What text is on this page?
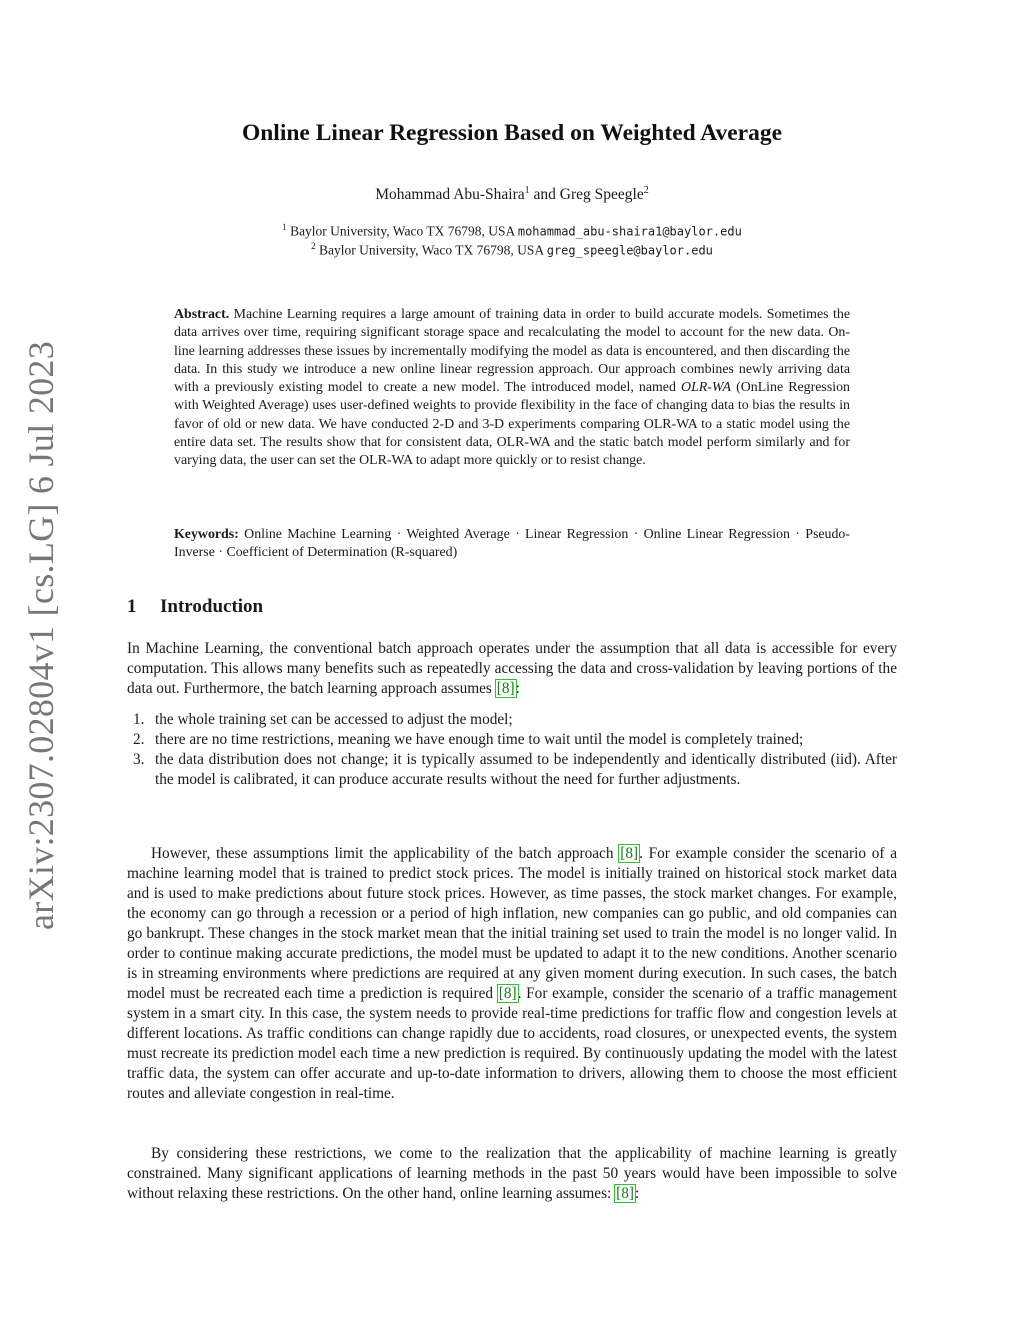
arXiv:2307.02804v1 [cs.LG] 6 Jul 2023
Online Linear Regression Based on Weighted Average
Mohammad Abu-Shaira$^1$ and Greg Speegle$^2$
$^1$ Baylor University, Waco TX 76798, USA mohammad_abu-shaira1@baylor.edu
$^2$ Baylor University, Waco TX 76798, USA greg_speegle@baylor.edu
Abstract. Machine Learning requires a large amount of training data in order to build accurate models. Sometimes the data arrives over time, requiring significant storage space and recalculating the model to account for the new data. On-line learning addresses these issues by incrementally modifying the model as data is encountered, and then discarding the data. In this study we introduce a new online linear regression approach. Our approach combines newly arriving data with a previously existing model to create a new model. The introduced model, named OLR-WA (OnLine Regression with Weighted Average) uses user-defined weights to provide flexibility in the face of changing data to bias the results in favor of old or new data. We have conducted 2-D and 3-D experiments comparing OLR-WA to a static model using the entire data set. The results show that for consistent data, OLR-WA and the static batch model perform similarly and for varying data, the user can set the OLR-WA to adapt more quickly or to resist change.
Keywords: Online Machine Learning · Weighted Average · Linear Regression · Online Linear Regression · Pseudo-Inverse · Coefficient of Determination (R-squared)
1 Introduction

In Machine Learning, the conventional batch approach operates under the assumption that all data is accessible for every computation. This allows many benefits such as repeatedly accessing the data and cross-validation by leaving portions of the data out. Furthermore, the batch learning approach assumes [8]:

1. the whole training set can be accessed to adjust the model;
2. there are no time restrictions, meaning we have enough time to wait until the model is completely trained;
3. the data distribution does not change; it is typically assumed to be independently and identically distributed (iid). After the model is calibrated, it can produce accurate results without the need for further adjustments.

However, these assumptions limit the applicability of the batch approach [8]. For example consider the scenario of a machine learning model that is trained to predict stock prices. The model is initially trained on historical stock market data and is used to make predictions about future stock prices. However, as time passes, the stock market changes. For example, the economy can go through a recession or a period of high inflation, new companies can go public, and old companies can go bankrupt. These changes in the stock market mean that the initial training set used to train the model is no longer valid. In order to continue making accurate predictions, the model must be updated to adapt it to the new conditions. Another scenario is in streaming environments where predictions are required at any given moment during execution. In such cases, the batch model must be recreated each time a prediction is required [8]. For example, consider the scenario of a traffic management system in a smart city. In this case, the system needs to provide real-time predictions for traffic flow and congestion levels at different locations. As traffic conditions can change rapidly due to accidents, road closures, or unexpected events, the system must recreate its prediction model each time a new prediction is required. By continuously updating the model with the latest traffic data, the system can offer accurate and up-to-date information to drivers, allowing them to choose the most efficient routes and alleviate congestion in real-time.

By considering these restrictions, we come to the realization that the applicability of machine learning is greatly constrained. Many significant applications of learning methods in the past 50 years would have been impossible to solve without relaxing these restrictions. On the other hand, online learning assumes: [8]:
